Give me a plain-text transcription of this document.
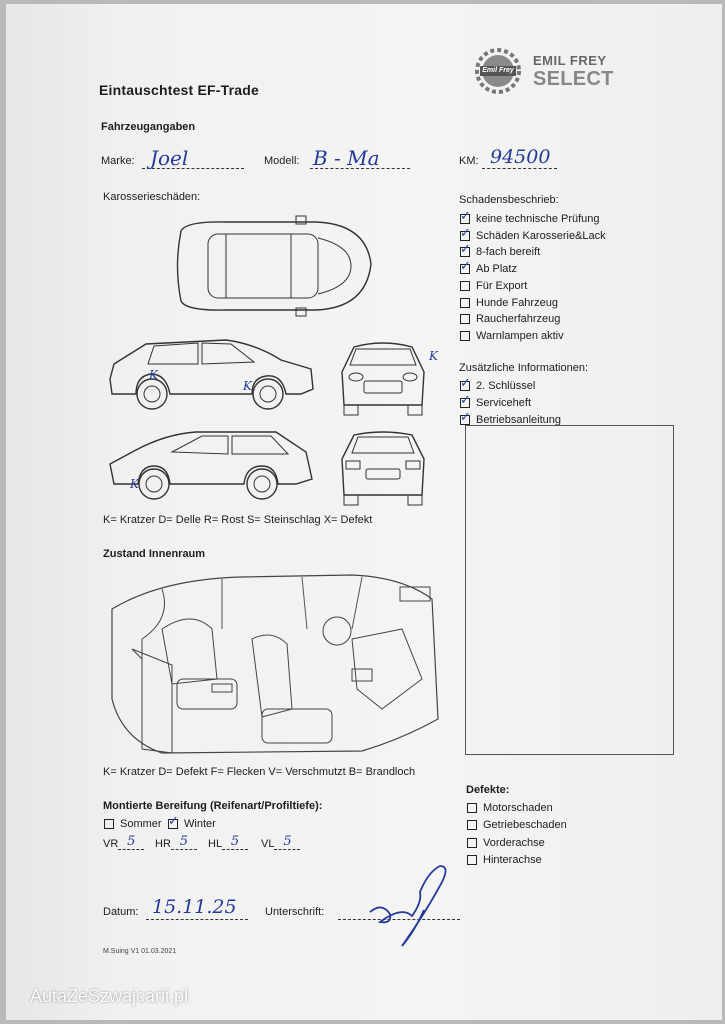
Eintauschtest EF-Trade
Emil Frey
EMIL FREY
SELECT
Fahrzeugangaben
Marke: Joel	Modell: B - Ma	KM: 94500
Karosserieschäden:
K
K
K
K
K= Kratzer D= Delle R= Rost S= Steinschlag X= Defekt
Schadensbeschrieb:
✓
keine technische Prüfung
✓
Schäden Karosserie&Lack
✓
8-fach bereift
✓
Ab Platz
Für Export
Hunde Fahrzeug
Raucherfahrzeug
Warnlampen aktiv
Zusätzliche Informationen:
✓
2. Schlüssel
✓
Serviceheft
✓
Betriebsanleitung
Zustand Innenraum
K= Kratzer D= Defekt F= Flecken V= Verschmutzt B= Brandloch
Montierte Bereifung (Reifenart/Profiltiefe):
Sommer
✓ Winter
VR 5	HR 5	HL 5	VL 5
Defekte:
Motorschaden
Getriebeschaden
Vorderachse
Hinterachse
Datum: 15.11.25	Unterschrift:
M.Suing V1 01.03.2021
AutaZeSzwajcarii.pl
